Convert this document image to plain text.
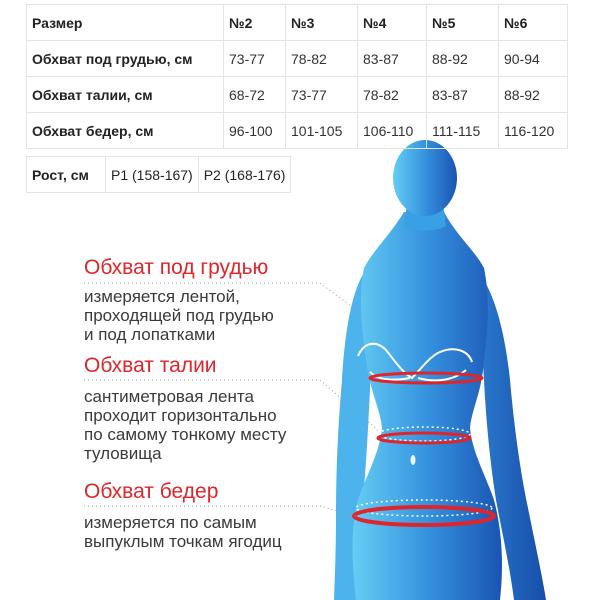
Размер	№2	№3	№4	№5	№6
Обхват под грудью, см	73-77	78-82	83-87	88-92	90-94
Обхват талии, см	68-72	73-77	78-82	83-87	88-92
Обхват бедер, см	96-100	101-105	106-110	111-115	116-120
Рост, см	Р1 (158-167)	Р2 (168-176)
Обхват под грудью
измеряется лентой,
проходящей под грудью
и под лопатками
Обхват талии
сантиметровая лента
проходит горизонтально
по самому тонкому месту
туловища
Обхват бедер
измеряется по самым
выпуклым точкам ягодиц
